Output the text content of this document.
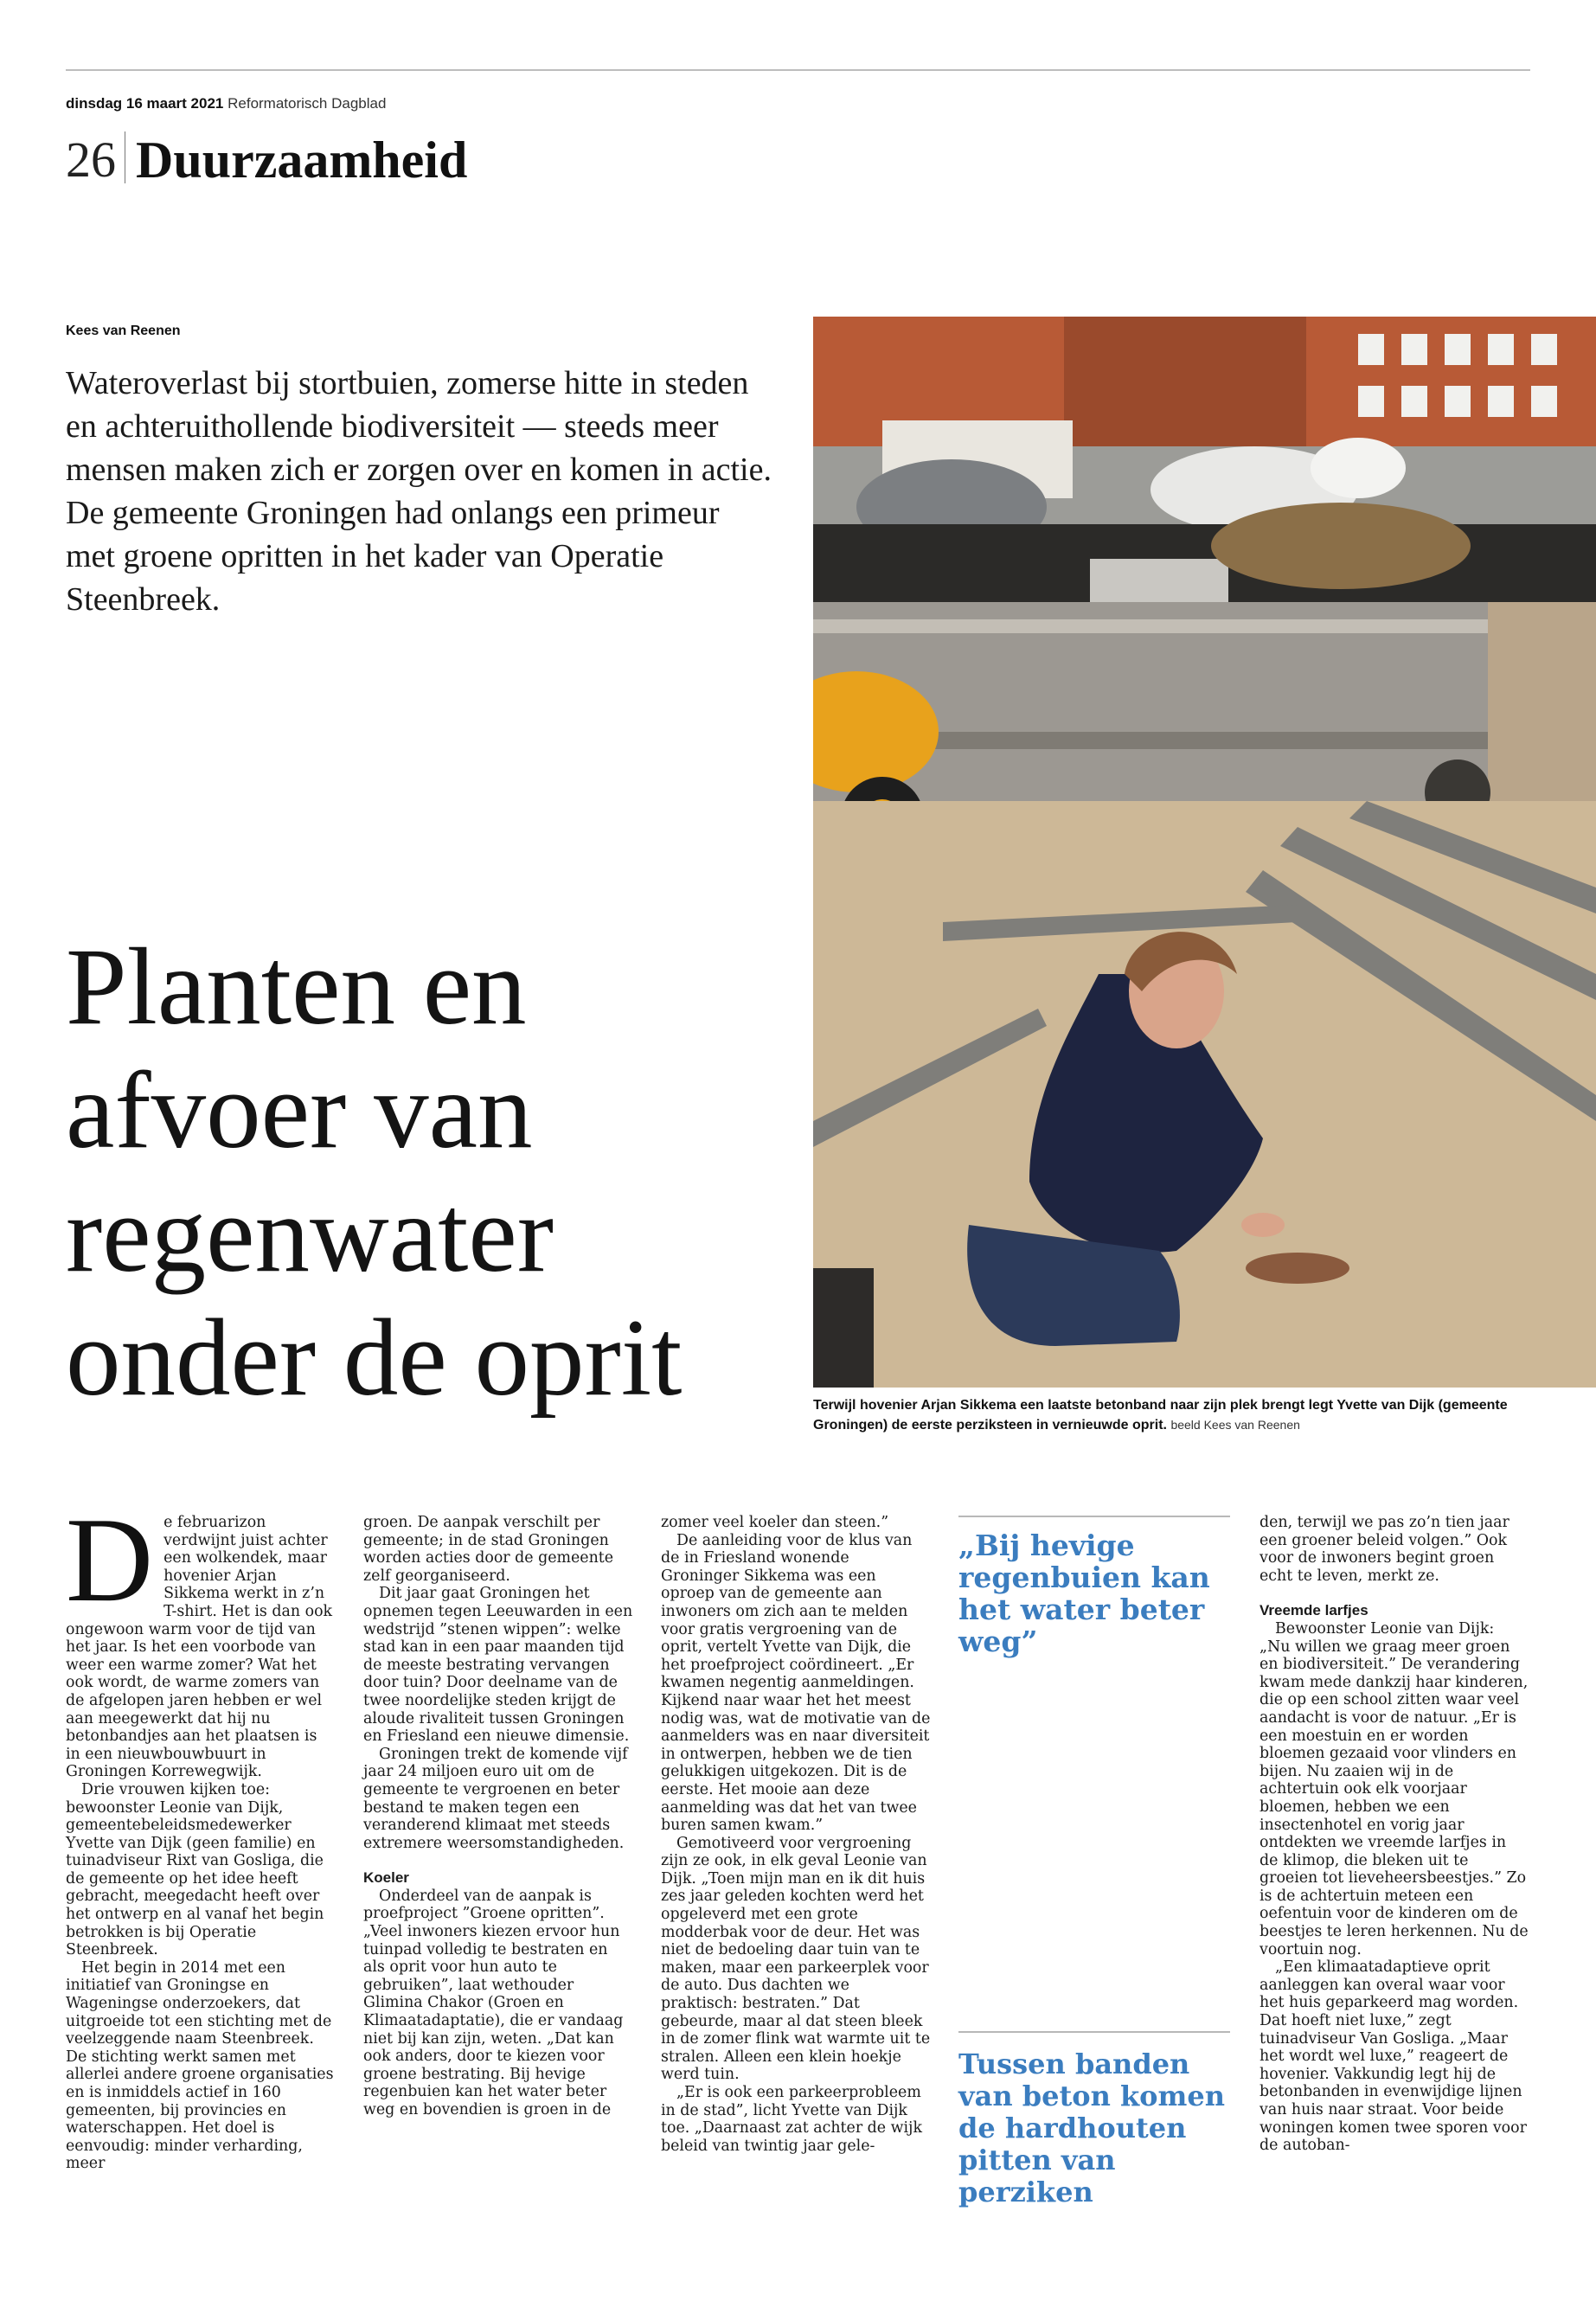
dinsdag 16 maart 2021 Reformatorisch Dagblad
26 Duurzaamheid
Kees van Reenen
Wateroverlast bij stortbuien, zomerse hitte in steden en achteruithollende biodiversiteit — steeds meer mensen maken zich er zorgen over en komen in actie. De gemeente Groningen had onlangs een primeur met groene opritten in het kader van Operatie Steenbreek.
Planten en afvoer van regenwater onder de oprit	Terwijl hovenier Arjan Sikkema een laatste betonband naar zijn plek brengt legt Yvette van Dijk (gemeente Groningen) de eerste perziksteen in vernieuwde oprit. beeld Kees van Reenen
D e februarizon verdwijnt juist achter een wolkendek, maar hovenier Arjan Sikkema werkt in z’n T-shirt. Het is dan ook ongewoon warm voor de tijd van het jaar. Is het een voorbode van weer een warme zomer? Wat het ook wordt, de warme zomers van de afgelopen jaren hebben er wel aan meegewerkt dat hij nu betonbandjes aan het plaatsen is in een nieuwbouwbuurt in Groningen Korrewegwijk.

Drie vrouwen kijken toe: bewoonster Leonie van Dijk, gemeentebeleidsmedewerker Yvette van Dijk (geen familie) en tuinadviseur Rixt van Gosliga, die de gemeente op het idee heeft gebracht, meegedacht heeft over het ontwerp en al vanaf het begin betrokken is bij Operatie Steenbreek.

Het begin in 2014 met een initiatief van Groningse en Wageningse onderzoekers, dat uitgroeide tot een stichting met de veelzeggende naam Steenbreek. De stichting werkt samen met allerlei andere groene organisaties en is inmiddels actief in 160 gemeenten, bij provincies en waterschappen. Het doel is eenvoudig: minder verharding, meer

groen. De aanpak verschilt per gemeente; in de stad Groningen worden acties door de gemeente zelf georganiseerd.

Dit jaar gaat Groningen het opnemen tegen Leeuwarden in een wedstrijd ”stenen wippen”: welke stad kan in een paar maanden tijd de meeste bestrating vervangen door tuin? Door deelname van de twee noordelijke steden krijgt de aloude rivaliteit tussen Groningen en Friesland een nieuwe dimensie.

Groningen trekt de komende vijf jaar 24 miljoen euro uit om de gemeente te vergroenen en beter bestand te maken tegen een veranderend klimaat met steeds extremere weersomstandigheden.

Koeler

Onderdeel van de aanpak is proefproject ”Groene opritten”. „Veel inwoners kiezen ervoor hun tuinpad volledig te bestraten en als oprit voor hun auto te gebruiken”, laat wethouder Glimina Chakor (Groen en Klimaatadaptatie), die er vandaag niet bij kan zijn, weten. „Dat kan ook anders, door te kiezen voor groene bestrating. Bij hevige regenbuien kan het water beter weg en bovendien is groen in de

zomer veel koeler dan steen.”

De aanleiding voor de klus van de in Friesland wonende Groninger Sikkema was een oproep van de gemeente aan inwoners om zich aan te melden voor gratis vergroening van de oprit, vertelt Yvette van Dijk, die het proefproject coördineert. „Er kwamen negentig aanmeldingen. Kijkend naar waar het het meest nodig was, wat de motivatie van de aanmelders was en naar diversiteit in ontwerpen, hebben we de tien gelukkigen uitgekozen. Dit is de eerste. Het mooie aan deze aanmelding was dat het van twee buren samen kwam.”

Gemotiveerd voor vergroening zijn ze ook, in elk geval Leonie van Dijk. „Toen mijn man en ik dit huis zes jaar geleden kochten werd het opgeleverd met een grote modderbak voor de deur. Het was niet de bedoeling daar tuin van te maken, maar een parkeerplek voor de auto. Dus dachten we praktisch: bestraten.” Dat gebeurde, maar al dat steen bleek in de zomer flink wat warmte uit te stralen. Alleen een klein hoekje werd tuin.

„Er is ook een parkeerprobleem in de stad”, licht Yvette van Dijk toe. „Daarnaast zat achter de wijk beleid van twintig jaar gele-

„Bij hevige regenbuien kan het water beter weg”
Tussen banden van beton komen de hardhouten pitten van perziken

den, terwijl we pas zo’n tien jaar een groener beleid volgen.” Ook voor de inwoners begint groen echt te leven, merkt ze.

Vreemde larfjes

Bewoonster Leonie van Dijk: „Nu willen we graag meer groen en biodiversiteit.” De verandering kwam mede dankzij haar kinderen, die op een school zitten waar veel aandacht is voor de natuur. „Er is een moestuin en er worden bloemen gezaaid voor vlinders en bijen. Nu zaaien wij in de achtertuin ook elk voorjaar bloemen, hebben we een insectenhotel en vorig jaar ontdekten we vreemde larfjes in de klimop, die bleken uit te groeien tot lieveheersbeestjes.” Zo is de achtertuin meteen een oefentuin voor de kinderen om de beestjes te leren herkennen. Nu de voortuin nog.

„Een klimaatadaptieve oprit aanleggen kan overal waar voor het huis geparkeerd mag worden. Dat hoeft niet luxe,” zegt tuinadviseur Van Gosliga. „Maar het wordt wel luxe,” reageert de hovenier. Vakkundig legt hij de betonbanden in evenwijdige lijnen van huis naar straat. Voor beide woningen komen twee sporen voor de autoban-
